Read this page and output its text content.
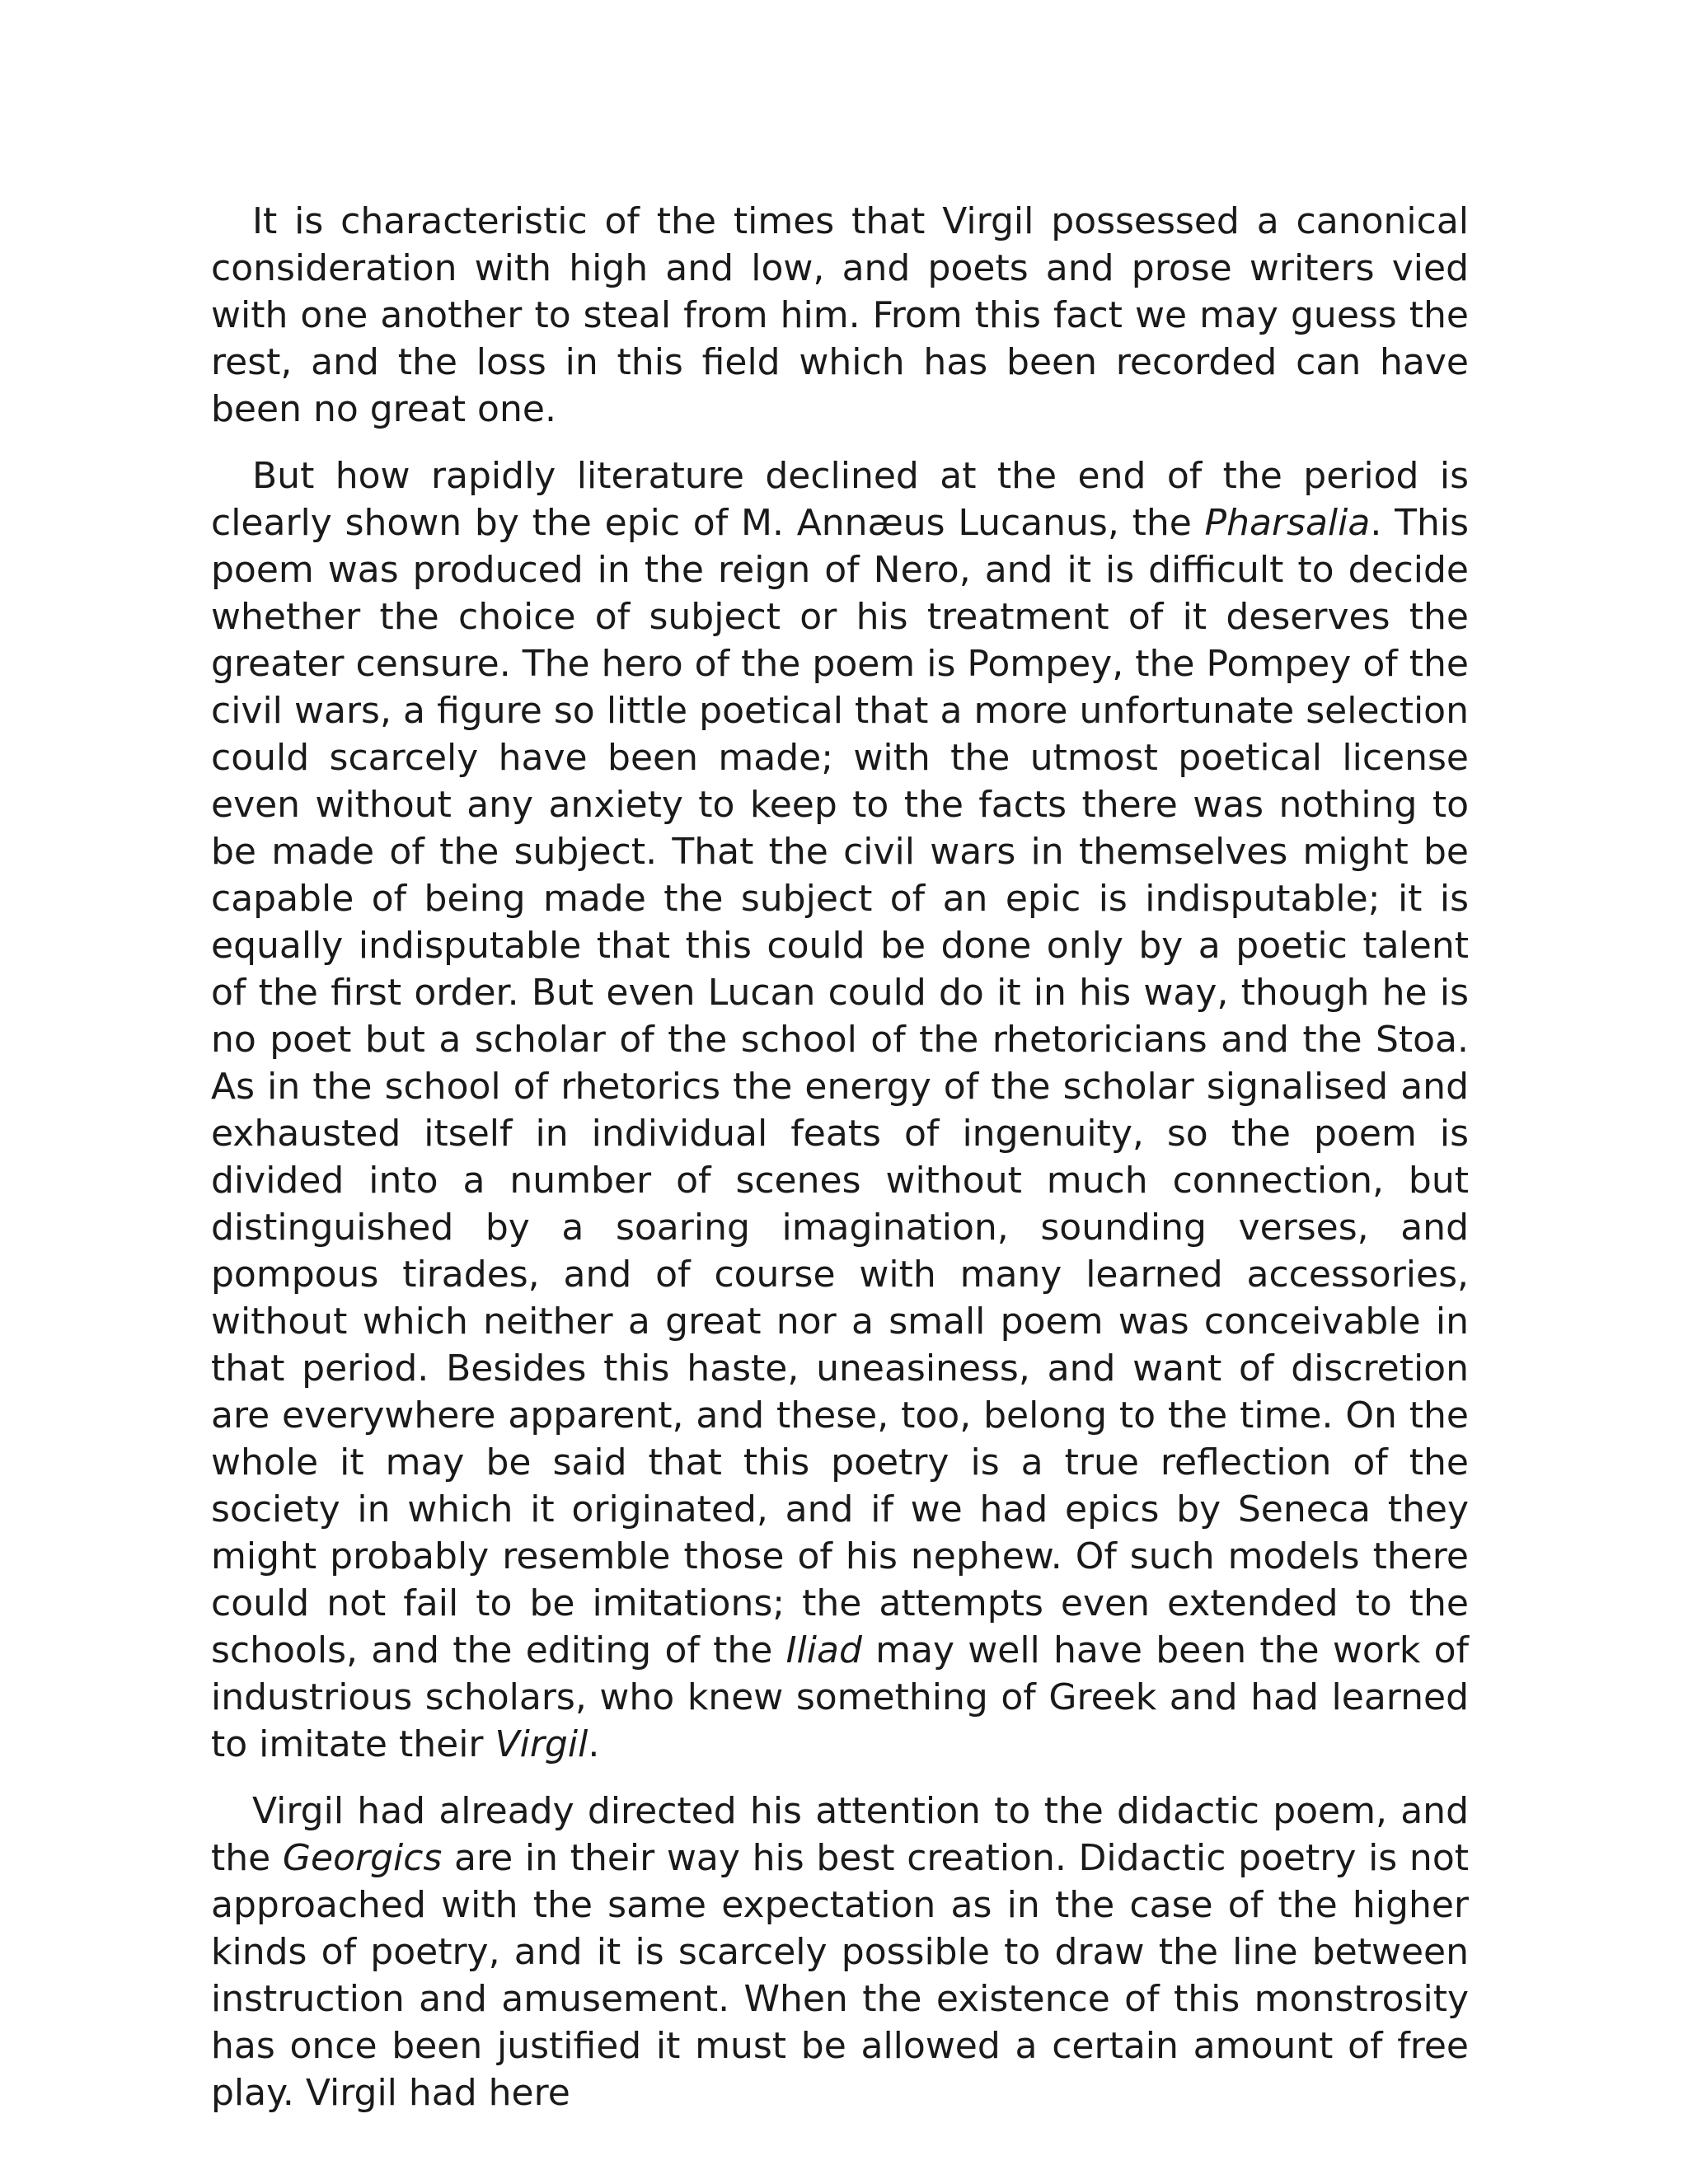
It is characteristic of the times that Virgil possessed a canonical consideration with high and low, and poets and prose writers vied with one another to steal from him. From this fact we may guess the rest, and the loss in this field which has been recorded can have been no great one.

But how rapidly literature declined at the end of the period is clearly shown by the epic of M. Annæus Lucanus, the Pharsalia. This poem was produced in the reign of Nero, and it is difficult to decide whether the choice of subject or his treatment of it deserves the greater censure. The hero of the poem is Pompey, the Pompey of the civil wars, a figure so little poetical that a more unfortunate selection could scarcely have been made; with the utmost poetical license even without any anxiety to keep to the facts there was nothing to be made of the subject. That the civil wars in themselves might be capable of being made the subject of an epic is indisputable; it is equally indisputable that this could be done only by a poetic talent of the first order. But even Lucan could do it in his way, though he is no poet but a scholar of the school of the rhetoricians and the Stoa. As in the school of rhetorics the energy of the scholar signalised and exhausted itself in individual feats of ingenuity, so the poem is divided into a number of scenes without much connection, but distinguished by a soaring imagination, sounding verses, and pompous tirades, and of course with many learned accessories, without which neither a great nor a small poem was conceivable in that period. Besides this haste, uneasiness, and want of discretion are everywhere apparent, and these, too, belong to the time. On the whole it may be said that this poetry is a true reflection of the society in which it originated, and if we had epics by Seneca they might probably resemble those of his nephew. Of such models there could not fail to be imitations; the attempts even extended to the schools, and the editing of the Iliad may well have been the work of industrious scholars, who knew something of Greek and had learned to imitate their Virgil.

Virgil had already directed his attention to the didactic poem, and the Georgics are in their way his best creation. Didactic poetry is not approached with the same expectation as in the case of the higher kinds of poetry, and it is scarcely possible to draw the line between instruction and amusement. When the existence of this monstrosity has once been justified it must be allowed a certain amount of free play. Virgil had here
